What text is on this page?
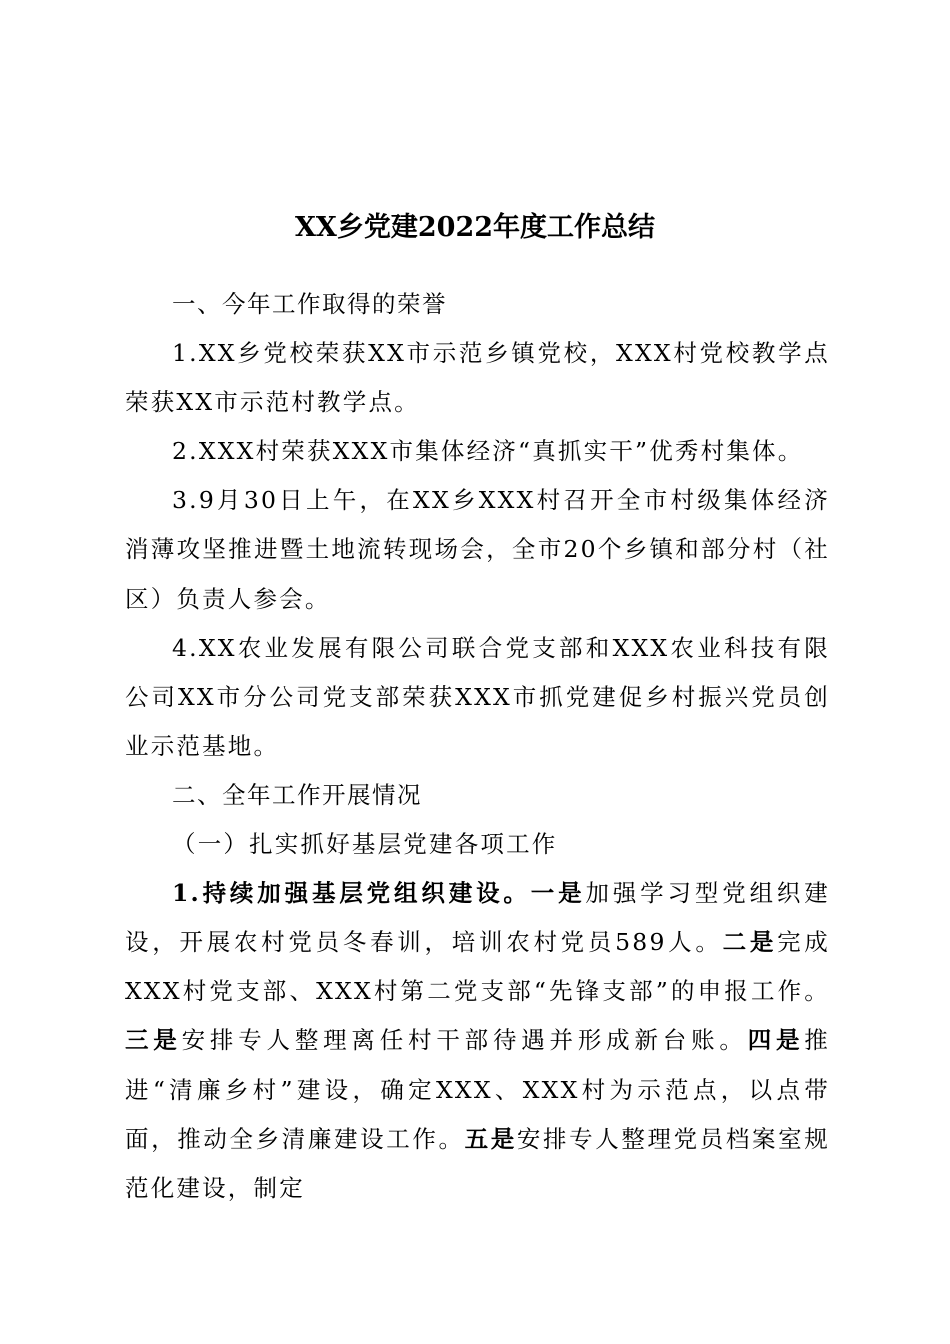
XX乡党建2022年度工作总结

一、今年工作取得的荣誉

1.XX乡党校荣获XX市示范乡镇党校，XXX村党校教学点荣获XX市示范村教学点。

2.XXX村荣获XXX市集体经济“真抓实干”优秀村集体。

3.9月30日上午，在XX乡XXX村召开全市村级集体经济消薄攻坚推进暨土地流转现场会，全市20个乡镇和部分村（社区）负责人参会。

4.XX农业发展有限公司联合党支部和XXX农业科技有限公司XX市分公司党支部荣获XXX市抓党建促乡村振兴党员创业示范基地。

二、全年工作开展情况

（一）扎实抓好基层党建各项工作

1.持续加强基层党组织建设。一是加强学习型党组织建设，开展农村党员冬春训，培训农村党员589人。二是完成XXX村党支部、XXX村第二党支部“先锋支部”的申报工作。三是安排专人整理离任村干部待遇并形成新台账。四是推进“清廉乡村”建设，确定XXX、XXX村为示范点，以点带面，推动全乡清廉建设工作。五是安排专人整理党员档案室规范化建设，制定
